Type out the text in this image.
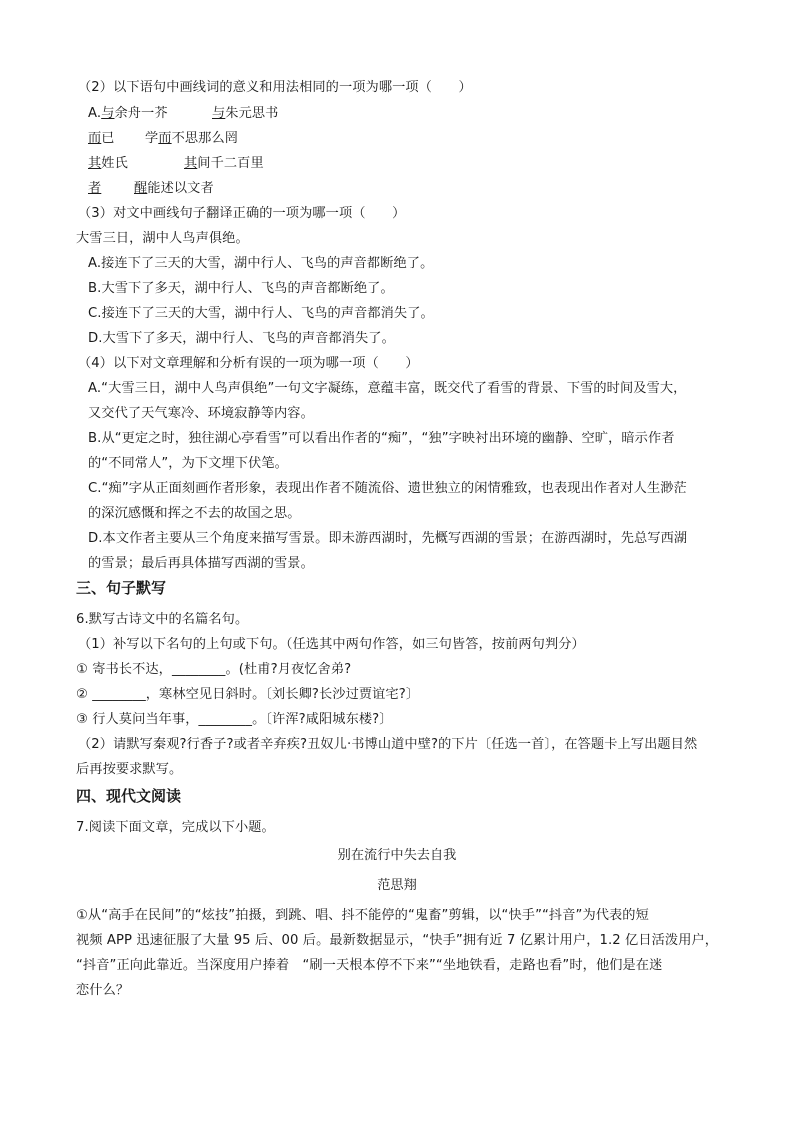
（2）以下语句中画线词的意义和用法相同的一项为哪一项（　　）
A.与余舟一芥	与朱元思书
而已 学而不思那么罔
其姓氏	其间千二百里
者 醒能述以文者
（3）对文中画线句子翻译正确的一项为哪一项（　　）
大雪三日，湖中人鸟声俱绝。
A.接连下了三天的大雪，湖中行人、飞鸟的声音都断绝了。
B.大雪下了多天，湖中行人、飞鸟的声音都断绝了。
C.接连下了三天的大雪，湖中行人、飞鸟的声音都消失了。
D.大雪下了多天，湖中行人、飞鸟的声音都消失了。
（4）以下对文章理解和分析有误的一项为哪一项（　　）
A.“大雪三日，湖中人鸟声俱绝”一句文字凝练，意蕴丰富，既交代了看雪的背景、下雪的时间及雪大，
又交代了天气寒冷、环境寂静等内容。
B.从“更定之时，独往湖心亭看雪”可以看出作者的“痴”，“独”字映衬出环境的幽静、空旷，暗示作者
的“不同常人”，为下文埋下伏笔。
C.“痴”字从正面刻画作者形象，表现出作者不随流俗、遗世独立的闲情雅致，也表现出作者对人生渺茫
的深沉感慨和挥之不去的故国之思。
D.本文作者主要从三个角度来描写雪景。即未游西湖时，先概写西湖的雪景；在游西湖时，先总写西湖
的雪景；最后再具体描写西湖的雪景。
三、句子默写
6.默写古诗文中的名篇名句。
（1）补写以下名句的上句或下句。（任选其中两句作答，如三句皆答，按前两句判分）
① 寄书长不达，________。(杜甫?月夜忆舍弟?
② ________，寒林空见日斜时。〔刘长卿?长沙过贾谊宅?〕
③ 行人莫问当年事，________。〔许浑?咸阳城东楼?〕
（2）请默写秦观?行香子?或者辛弃疾?丑奴儿·书博山道中壁?的下片〔任选一首〕，在答题卡上写出题目然
后再按要求默写。
四、现代文阅读
7.阅读下面文章，完成以下小题。
别在流行中失去自我
范思翔
①从“高手在民间”的“炫技”拍摄，到跳、唱、抖不能停的“鬼畜”剪辑，以“快手”“抖音”为代表的短
视频 APP 迅速征服了大量 95 后、00 后。最新数据显示，“快手”拥有近 7 亿累计用户，1.2 亿日活泼用户，
“抖音”正向此靠近。当深度用户捧着　“刷一天根本停不下来”“坐地铁看，走路也看”时，他们是在迷
恋什么？
